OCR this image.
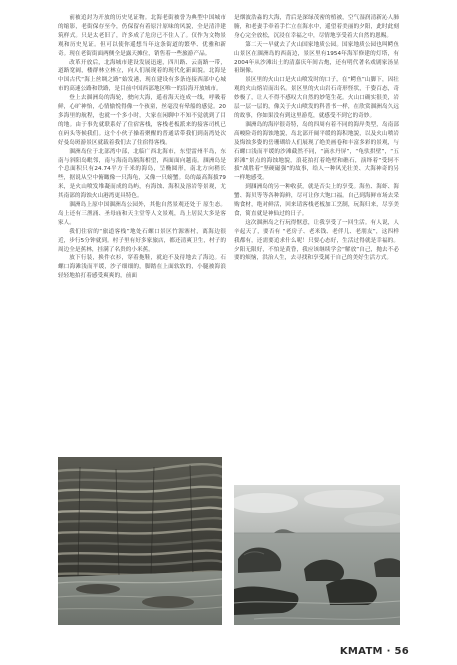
前被追封为开放的历史见证物。北海老街被誉为典型中国城市的缩影，老街保存至今，仍保留有着原汁原味的风貌，全是清洋建筑样式。只是太老旧了，许多成了危房已不住人了。仅作为文物景观和历史见证。但可以使你遥想当年这条街道的繁华、优雅和新奇。现在老街街面两侧全是露天摊位，销售着一些旅游产品。

改革开放后，北海城市建设发展迅速，四川路、云南路一带，道路宽阔，楼群林立林立，向人们展现着的现代化新面貌。北海是中国古代“海上丝绸之路”始发港，现在建设有多条连接西部中心城市的高速公路和铁路，是目前中国西部地区唯一的沿海开放城市。

登上去涠洲岛的海轮，驶向大海，遥看海天连成一线，呼吸着鲜，心旷神怡，心情愉悦得像一个孩童，丝毫没有晕船的感觉。20多海里的航程，也就一个多小时，大家在闲聊中不知不觉就到了目的地。由于事先就联系好了住宿客栈，客栈老板派来的接客司机已在码头等候我们。这个小伙子操着聚醒的普通话带我们到南湾处次好曼岛斑游景区就载着我们去了住宿得客栈。

涠洲岛位于北部湾中部，北临广西北海市，东望雷州半岛，东南与斜阳岛毗邻，南与海南岛隔海相望，西面面向越南。涠洲岛是个总面积只有24.74平方千米的海岛，呈椭圆形，南北方向稍长些，据说从空中俯瞰像一只海龟，又像一只螃蟹。岛的最高海拔79米，是火山喷发堆凝而成的岛屿，有海蚀、海积及溶岩等景观，尤其南部的海蚀火山港湾更具特色。

涠洲岛上原中国涠洲岛公园外，其他自然景观还处于 原生态。岛上还有三渔涌、圣母庙和天主堂等人文景观，岛上居民大多是客家人。

我们住宿的“旅道客栈”地处石螺口景区竹源寨村，离海边很近，步行5分钟就到。村子里有好多家旅店，都还清爽卫生，村子的周边全是蕉林，挂满了名贵的小米蕉。

放下行装，换件衣衫，穿着拖鞋，就迫不及待地去了海边。石螺口海滩浅而平缓，沙子细细的，脚踏在上面软软的，小腿被海浪轻轻地拍打着感受爽爽的，前面

是烟波浩淼的大海，背后是深绿茂密的植被，空气湿润清新沁人肺腑，和老妻手牵着手伫立在海水中，遥望着美丽的夕阳，此时此刻身心完全放松，沉浸在幸福之中，尽情地享受着大自然的恩赐。

第二天一早就去了火山国家地质公园。国家地质公园也叫鳄鱼山景区在涠洲岛的西南边，景区里有1954年海军修建的灯塔，有2004年从沙滩出土的清嘉庆年间古炮，还有明代著名戏剧家汤显祖铜像。

景区里的火山口是火山喷发时的口子，在“鳄鱼”山脚下，因壮观的火山熔岩而出名。景区里的火山岩石奇形怪状，千姿百态，奇妙极了，让人不得不感叹大自然的妙笔生花。火山口确实很美，岩层一层一层的，像关于火山喷发的科普书一样，在欣赏涠洲岛久远的故事，你如果没有到这里游览，就感受不到它的奇妙。

涠洲岛的海岸很奇特，岛的四周有着不同的海岸类型，岛南部高峻险奇的海蚀地貌，岛北部开阔平缓的海积地貌，以及火山喷岩及悔蚀多姿的岳珊瑚给人们展现了绝美画卷和丰富多彩的景观，与石螺口浅而平缓的沙滩截然不同，“滴水丹屏”，“龟驮拱壁”，“五彩滩”景点的海蚀地貌，浪花拍打着绝壁和礁石，演绎着“受轲不拔”战胜着“坚硬磁强”的故事，给人一种风光壮美、大海神奇的另一样地感受。

到涠洲岛的另一种收获，就是否尖上的享受。海鱼、海虾、海蟹、海贝等等各种海鲜，尽可让你大饱口福。自己到海鲜市场去采购食材，绝对鲜活，回来请客栈老板加工烹制，玩海归来，尽享美食，简直就是神仙过的日子。

这次涠洲岛之行玩得惬意，让我享受了一回生活。有人说，人辛起天了，要否有 “老房子、老米钱、老伴儿、老朋友”，这四样我都有，还需要追求什么呢！只要心态好，生活过得就是幸福的。夕阳无限好，不怕是黄昏，我应该继续学会“解放”自己，抛去不必要的烦恼，洪治人生，去寻找和享受属于自己的美好生活方式。

KMATM · 56
